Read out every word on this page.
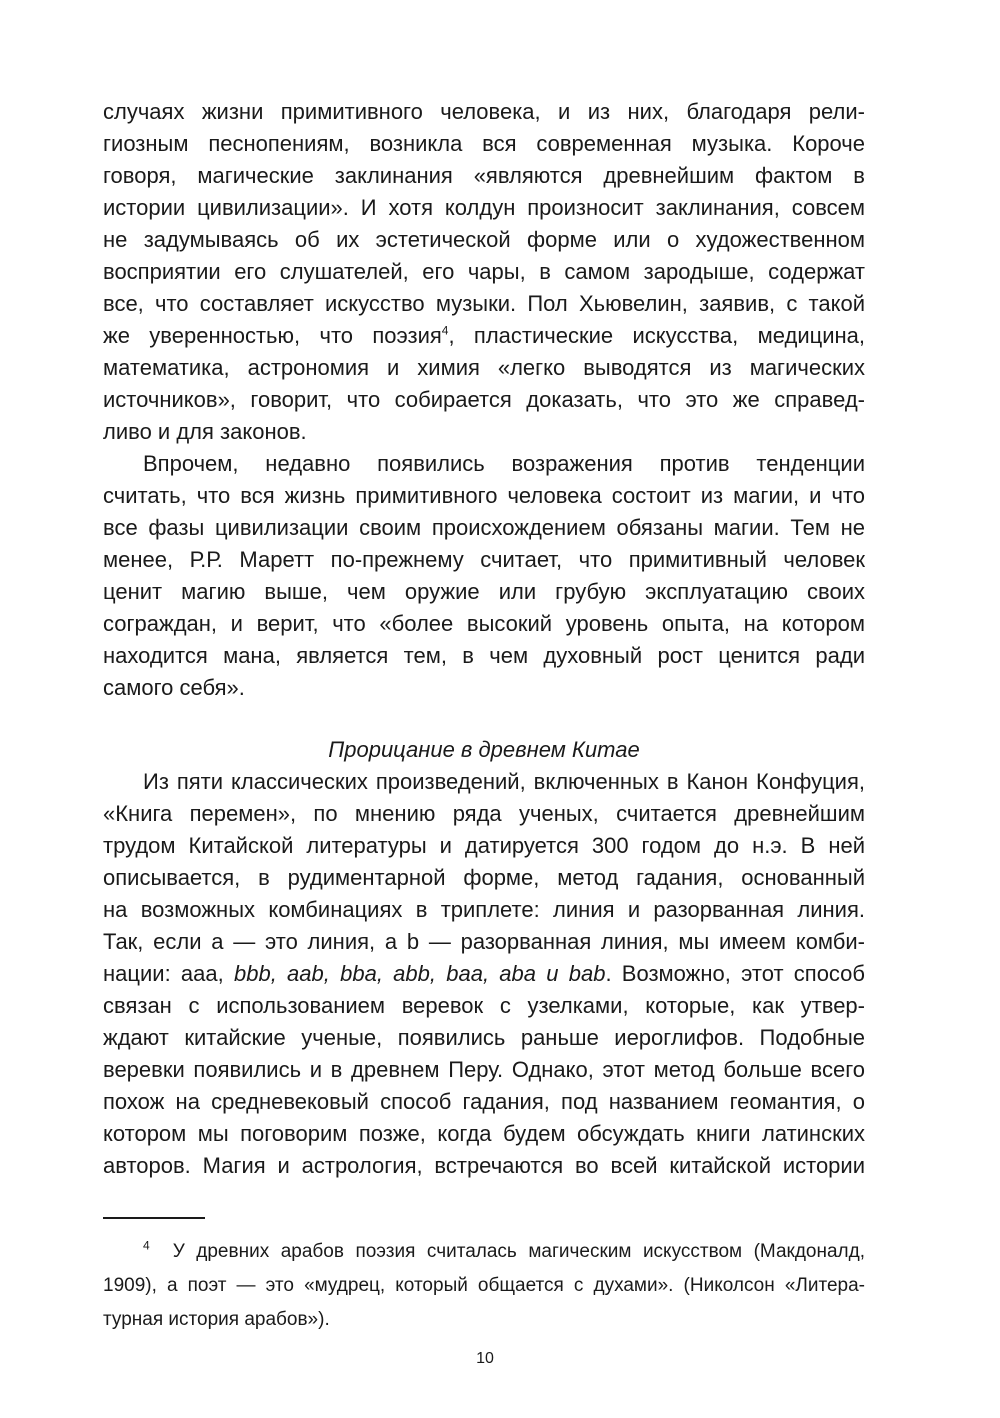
случаях жизни примитивного человека, и из них, благодаря рели-
гиозным песнопениям, возникла вся современная музыка. Короче
говоря, магические заклинания «являются древнейшим фактом в
истории цивилизации». И хотя колдун произносит заклинания, совсем
не задумываясь об их эстетической форме или о художественном
восприятии его слушателей, его чары, в самом зародыше, содержат
все, что составляет искусство музыки. Пол Хьювелин, заявив, с такой
же уверенностью, что поэзия$^4$, пластические искусства, медицина,
математика, астрономия и химия «легко выводятся из магических
источников», говорит, что собирается доказать, что это же справед-
ливо и для законов.
Впрочем, недавно появились возражения против тенденции
считать, что вся жизнь примитивного человека состоит из магии, и что
все фазы цивилизации своим происхождением обязаны магии. Тем не
менее, Р.Р. Маретт по-прежнему считает, что примитивный человек
ценит магию выше, чем оружие или грубую эксплуатацию своих
сограждан, и верит, что «более высокий уровень опыта, на котором
находится мана, является тем, в чем духовный рост ценится ради
самого себя».
Прорицание в древнем Китае
Из пяти классических произведений, включенных в Канон Конфуция,
«Книга перемен», по мнению ряда ученых, считается древнейшим
трудом Китайской литературы и датируется 300 годом до н.э. В ней
описывается, в рудиментарной форме, метод гадания, основанный
на возможных комбинациях в триплете: линия и разорванная линия.
Так, если a — это линия, а b — разорванная линия, мы имеем комби-
нации: aaa, bbb, aab, bba, abb, baa, aba и bab. Возможно, этот способ
связан с использованием веревок с узелками, которые, как утвер-
ждают китайские ученые, появились раньше иероглифов. Подобные
веревки появились и в древнем Перу. Однако, этот метод больше всего
похож на средневековый способ гадания, под названием геомантия, о
котором мы поговорим позже, когда будем обсуждать книги латинских
авторов. Магия и астрология, встречаются во всей китайской истории
$^4$ У древних арабов поэзия считалась магическим искусством (Макдоналд,
1909), а поэт — это «мудрец, который общается с духами». (Николсон «Литера-
турная история арабов»).
10
